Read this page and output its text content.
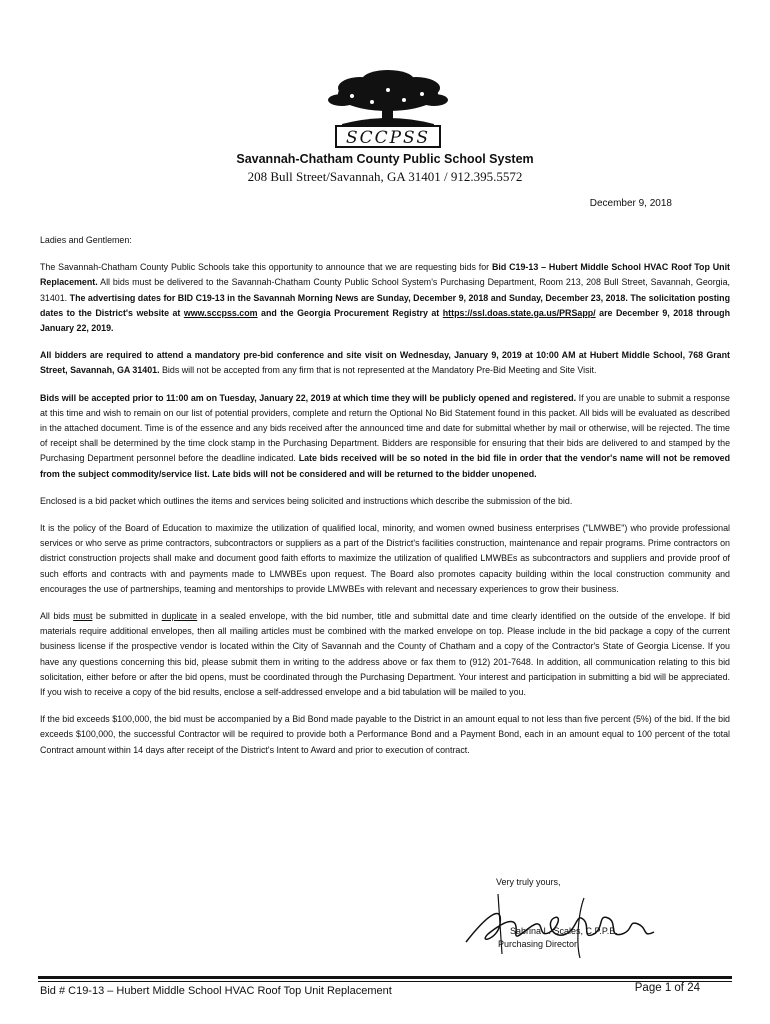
SCCPSS
Savannah-Chatham County Public School System
208 Bull Street/Savannah, GA 31401 / 912.395.5572
December 9, 2018

Ladies and Gentlemen:

The Savannah-Chatham County Public Schools take this opportunity to announce that we are requesting bids for Bid C19-13 – Hubert Middle School HVAC Roof Top Unit Replacement. All bids must be delivered to the Savannah-Chatham County Public School System's Purchasing Department, Room 213, 208 Bull Street, Savannah, Georgia, 31401. The advertising dates for BID C19-13 in the Savannah Morning News are Sunday, December 9, 2018 and Sunday, December 23, 2018. The solicitation posting dates to the District's website at www.sccpss.com and the Georgia Procurement Registry at https://ssl.doas.state.ga.us/PRSapp/ are December 9, 2018 through January 22, 2019.

All bidders are required to attend a mandatory pre-bid conference and site visit on Wednesday, January 9, 2019 at 10:00 AM at Hubert Middle School, 768 Grant Street, Savannah, GA 31401. Bids will not be accepted from any firm that is not represented at the Mandatory Pre-Bid Meeting and Site Visit.

Bids will be accepted prior to 11:00 am on Tuesday, January 22, 2019 at which time they will be publicly opened and registered. If you are unable to submit a response at this time and wish to remain on our list of potential providers, complete and return the Optional No Bid Statement found in this packet. All bids will be evaluated as described in the attached document. Time is of the essence and any bids received after the announced time and date for submittal whether by mail or otherwise, will be rejected. The time of receipt shall be determined by the time clock stamp in the Purchasing Department. Bidders are responsible for ensuring that their bids are delivered to and stamped by the Purchasing Department personnel before the deadline indicated. Late bids received will be so noted in the bid file in order that the vendor's name will not be removed from the subject commodity/service list. Late bids will not be considered and will be returned to the bidder unopened.

Enclosed is a bid packet which outlines the items and services being solicited and instructions which describe the submission of the bid.

It is the policy of the Board of Education to maximize the utilization of qualified local, minority, and women owned business enterprises ("LMWBE") who provide professional services or who serve as prime contractors, subcontractors or suppliers as a part of the District's facilities construction, maintenance and repair programs. Prime contractors on district construction projects shall make and document good faith efforts to maximize the utilization of qualified LMWBEs as subcontractors and suppliers and provide proof of such efforts and contracts with and payments made to LMWBEs upon request. The Board also promotes capacity building within the local construction community and encourages the use of partnerships, teaming and mentorships to provide LMWBEs with relevant and necessary experiences to grow their business.

All bids must be submitted in duplicate in a sealed envelope, with the bid number, title and submittal date and time clearly identified on the outside of the envelope. If bid materials require additional envelopes, then all mailing articles must be combined with the marked envelope on top. Please include in the bid package a copy of the current business license if the prospective vendor is located within the City of Savannah and the County of Chatham and a copy of the Contractor's State of Georgia License. If you have any questions concerning this bid, please submit them in writing to the address above or fax them to (912) 201-7648. In addition, all communication relating to this bid solicitation, either before or after the bid opens, must be coordinated through the Purchasing Department. Your interest and participation in submitting a bid will be appreciated. If you wish to receive a copy of the bid results, enclose a self-addressed envelope and a bid tabulation will be mailed to you.

If the bid exceeds $100,000, the bid must be accompanied by a Bid Bond made payable to the District in an amount equal to not less than five percent (5%) of the bid. If the bid exceeds $100,000, the successful Contractor will be required to provide both a Performance Bond and a Payment Bond, each in an amount equal to 100 percent of the total Contract amount within 14 days after receipt of the District's Intent to Award and prior to execution of contract.

Very truly yours,
Sabrina L. Scales, C.P.P.B.
Purchasing Director
Bid # C19-13 – Hubert Middle School HVAC Roof Top Unit Replacement	Page 1 of 24
